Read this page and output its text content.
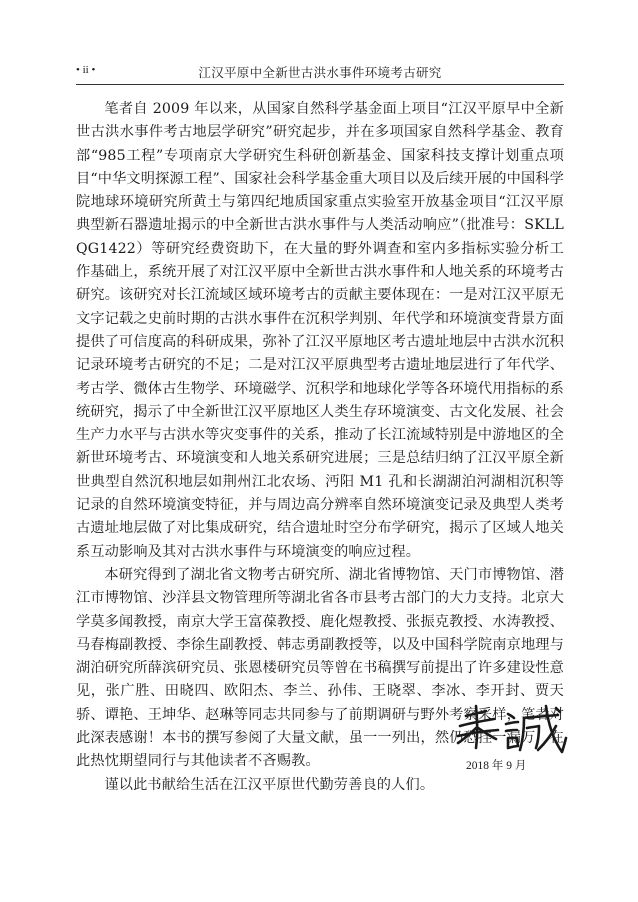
• ii •	江汉平原中全新世古洪水事件环境考古研究

笔者自 2009 年以来，从国家自然科学基金面上项目“江汉平原早中全新世古洪水事件考古地层学研究”研究起步，并在多项国家自然科学基金、教育部“985工程”专项南京大学研究生科研创新基金、国家科技支撑计划重点项目“中华文明探源工程”、国家社会科学基金重大项目以及后续开展的中国科学院地球环境研究所黄土与第四纪地质国家重点实验室开放基金项目“江汉平原典型新石器遗址揭示的中全新世古洪水事件与人类活动响应”（批准号：SKLLQG1422）等研究经费资助下，在大量的野外调查和室内多指标实验分析工作基础上，系统开展了对江汉平原中全新世古洪水事件和人地关系的环境考古研究。该研究对长江流域区域环境考古的贡献主要体现在：一是对江汉平原无文字记载之史前时期的古洪水事件在沉积学判别、年代学和环境演变背景方面提供了可信度高的科研成果，弥补了江汉平原地区考古遗址地层中古洪水沉积记录环境考古研究的不足；二是对江汉平原典型考古遗址地层进行了年代学、考古学、微体古生物学、环境磁学、沉积学和地球化学等各环境代用指标的系统研究，揭示了中全新世江汉平原地区人类生存环境演变、古文化发展、社会生产力水平与古洪水等灾变事件的关系，推动了长江流域特别是中游地区的全新世环境考古、环境演变和人地关系研究进展；三是总结归纳了江汉平原全新世典型自然沉积地层如荆州江北农场、沔阳 M1 孔和长湖湖泊河湖相沉积等记录的自然环境演变特征，并与周边高分辨率自然环境演变记录及典型人类考古遗址地层做了对比集成研究，结合遗址时空分布学研究，揭示了区域人地关系互动影响及其对古洪水事件与环境演变的响应过程。

本研究得到了湖北省文物考古研究所、湖北省博物馆、天门市博物馆、潜江市博物馆、沙洋县文物管理所等湖北省各市县考古部门的大力支持。北京大学莫多闻教授，南京大学王富葆教授、鹿化煜教授、张振克教授、水涛教授、马春梅副教授、李徐生副教授、韩志勇副教授等，以及中国科学院南京地理与湖泊研究所薛滨研究员、张恩楼研究员等曾在书稿撰写前提出了许多建设性意见，张广胜、田晓四、欧阳杰、李兰、孙伟、王晓翠、李冰、李开封、贾天骄、谭艳、王坤华、赵琳等同志共同参与了前期调研与野外考察采样，笔者对此深表感谢！本书的撰写参阅了大量文献，虽一一列出，然仍恐挂一漏万，在此热忱期望同行与其他读者不吝赐教。

谨以此书献给生活在江汉平原世代勤劳善良的人们。

2018 年 9 月
